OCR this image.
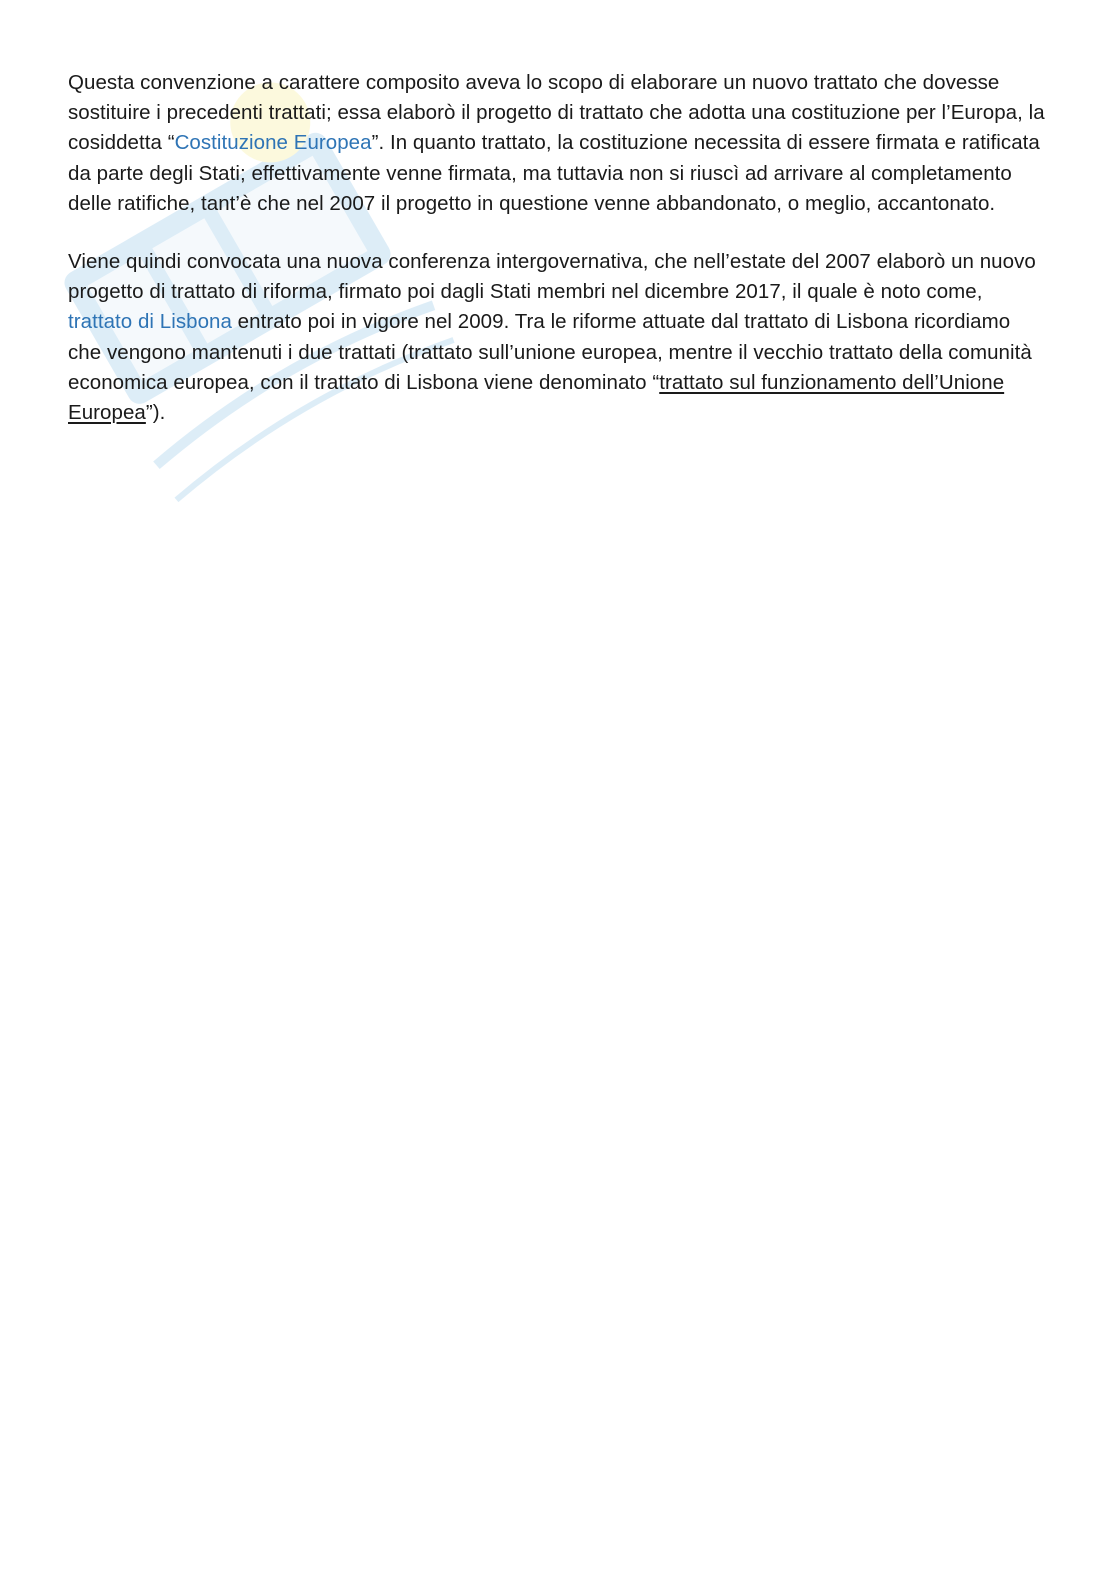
Questa convenzione a carattere composito aveva lo scopo di elaborare un nuovo trattato che dovesse sostituire i precedenti trattati; essa elaborò il progetto di trattato che adotta una costituzione per l’Europa, la cosiddetta “Costituzione Europea”. In quanto trattato, la costituzione necessita di essere firmata e ratificata da parte degli Stati; effettivamente venne firmata, ma tuttavia non si riuscì ad arrivare al completamento delle ratifiche, tant’è che nel 2007 il progetto in questione venne abbandonato, o meglio, accantonato.

Viene quindi convocata una nuova conferenza intergovernativa, che nell’estate del 2007 elaborò un nuovo progetto di trattato di riforma, firmato poi dagli Stati membri nel dicembre 2017, il quale è noto come, trattato di Lisbona entrato poi in vigore nel 2009. Tra le riforme attuate dal trattato di Lisbona ricordiamo che vengono mantenuti i due trattati (trattato sull’unione europea, mentre il vecchio trattato della comunità economica europea, con il trattato di Lisbona viene denominato “trattato sul funzionamento dell’Unione Europea”).
